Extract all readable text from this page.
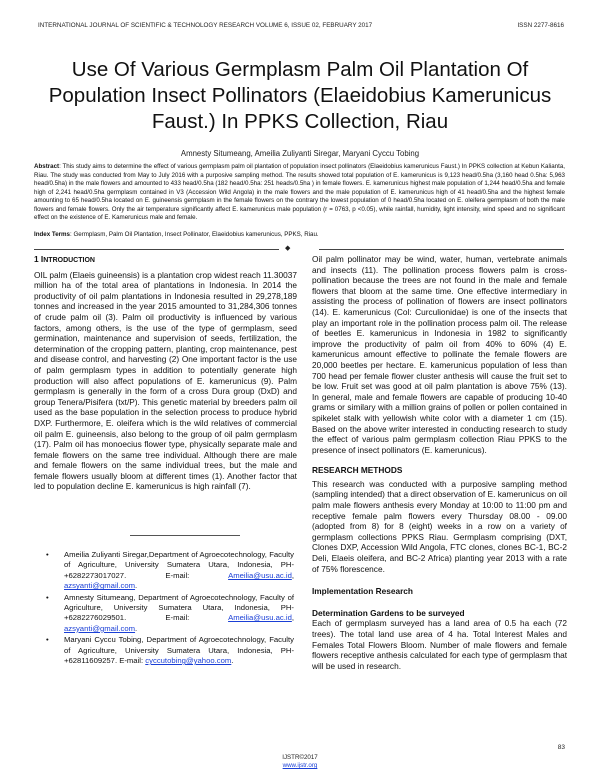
INTERNATIONAL JOURNAL OF SCIENTIFIC & TECHNOLOGY RESEARCH VOLUME 6, ISSUE 02, FEBRUARY 2017	ISSN 2277-8616
Use Of Various Germplasm Palm Oil Plantation Of Population Insect Pollinators (Elaeidobius Kamerunicus Faust.) In PPKS Collection, Riau
Amnesty Situmeang, Ameilia Zuliyanti Siregar, Maryani Cyccu Tobing

Abstract: This study aims to determine the effect of various germplasm palm oil plantation of population insect pollinators (Elaeidobius kamerunicus Faust.) In PPKS collection at Kebun Kalianta, Riau. The study was conducted from May to July 2016 with a purposive sampling method. The results showed total population of E. kamerunicus is 9,123 head/0.5ha (3,160 head 0.5ha: 5,963 head/0.5ha) in the male flowers and amounted to 433 head/0.5ha (182 head/0.5ha: 251 heads/0.5ha ) in female flowers. E. kamerunicus highest male population of 1,244 head/0.5ha and female high of 2,241 head/0.5ha germplasm contained in V3 (Accession Wild Angola) in the male flowers and the male population of E. kamerunicus high of 41 head/0.5ha and the highest female amounting to 65 head/0.5ha located on E. guineensis germplasm in the female flowers on the contrary the lowest population of 0 head/0.5ha located on E. oleifera germplasm of both the male flowers and female flowers. Only the air temperature significantly affect E. kamerunicus male population (r = 0763, p <0.05), while rainfall, humidity, light intensity, wind speed and no significant effect on the existence of E. Kamerunicus male and female.

Index Terms: Germplasm, Palm Oil Plantation, Insect Pollinator, Elaeidobius kamerunicus, PPKS, Riau.

◆
1 INTRODUCTION

OIL palm (Elaeis guineensis) is a plantation crop widest reach 11.30037 million ha of the total area of plantations in Indonesia. In 2014 the productivity of oil palm plantations in Indonesia resulted in 29,278,189 tonnes and increased in the year 2015 amounted to 31,284,306 tonnes of crude palm oil (3). Palm oil productivity is influenced by various factors, among others, is the use of the type of germplasm, seed germination, maintenance and supervision of seeds, fertilization, the determination of the cropping pattern, planting, crop maintenance, pest and disease control, and harvesting (2) One important factor is the use of palm germplasm types in addition to potentially generate high production will also affect populations of E. kamerunicus (9). Palm germplasm is generally in the form of a cross Dura group (DxD) and group Tenera/Pisifera (txt/P). This genetic material by breeders palm oil used as the base population in the selection process to produce hybrid DXP. Furthermore, E. oleifera which is the wild relatives of commercial oil palm E. guineensis, also belong to the group of oil palm germplasm (17). Palm oil has monoecius flower type, physically separate male and female flowers on the same tree individual. Although there are male and female flowers on the same individual trees, but the male and female flowers usually bloom at different times (1). Another factor that led to population decline E. kamerunicus is high rainfall (7).

• Ameilia Zuliyanti Siregar,Department of Agroecotechnology, Faculty of Agriculture, University Sumatera Utara, Indonesia, PH-+6282273017027. E-mail: Ameilia@usu.ac.id, azsyanti@gmail.com.
• Amnesty Situmeang, Department of Agroecotechnology, Faculty of Agriculture, University Sumatera Utara, Indonesia, PH-+6282276029501. E-mail: Ameilia@usu.ac.id, azsyanti@gmail.com.
• Maryani Cyccu Tobing, Department of Agroecotechnology, Faculty of Agriculture, University Sumatera Utara, Indonesia, PH-+62811609257. E-mail: cyccutobing@yahoo.com.

Oil palm pollinator may be wind, water, human, vertebrate animals and insects (11). The pollination process flowers palm is cross-pollination because the trees are not found in the male and female flowers that bloom at the same time. One effective intermediary in assisting the process of pollination of flowers are insect pollinators (14). E. kamerunicus (Col: Curculionidae) is one of the insects that play an important role in the pollination process palm oil. The release of beetles E. kamerunicus in Indonesia in 1982 to significantly improve the productivity of palm oil from 40% to 60% (4) E. kamerunicus amount effective to pollinate the female flowers are 20,000 beetles per hectare. E. kamerunicus population of less than 700 head per female flower cluster anthesis will cause the fruit set to be low. Fruit set was good at oil palm plantation is above 75% (13). In general, male and female flowers are capable of producing 10-40 grams or similary with a million grains of pollen or pollen contained in spikelet stalk with yellowish white color with a diameter 1 cm (15). Based on the above writer interested in conducting research to study the effect of various palm germplasm collection Riau PPKS to the presence of insect pollinators (E. kamerunicus).

RESEARCH METHODS

This research was conducted with a purposive sampling method (sampling intended) that a direct observation of E. kamerunicus on oil palm male flowers anthesis every Monday at 10:00 to 11:00 pm and receptive female palm flowers every Thursday 08.00 - 09.00 (adopted from 8) for 8 (eight) weeks in a row on a variety of germplasm collections PPKS Riau. Germplasm comprising (DXT, Clones DXP, Accession Wild Angola, FTC clones, clones BC-1, BC-2 Deli, Elaeis oleifera, and BC-2 Africa) planting year 2013 with a rate of 75% florescence.

Implementation Research
Determination Gardens to be surveyed

Each of germplasm surveyed has a land area of 0.5 ha each (72 trees). The total land use area of 4 ha. Total Interest Males and Females Total Flowers Bloom. Number of male flowers and female flowers receptive anthesis calculated for each type of germplasm that will be used in research.

83
IJSTR©2017
www.ijstr.org
